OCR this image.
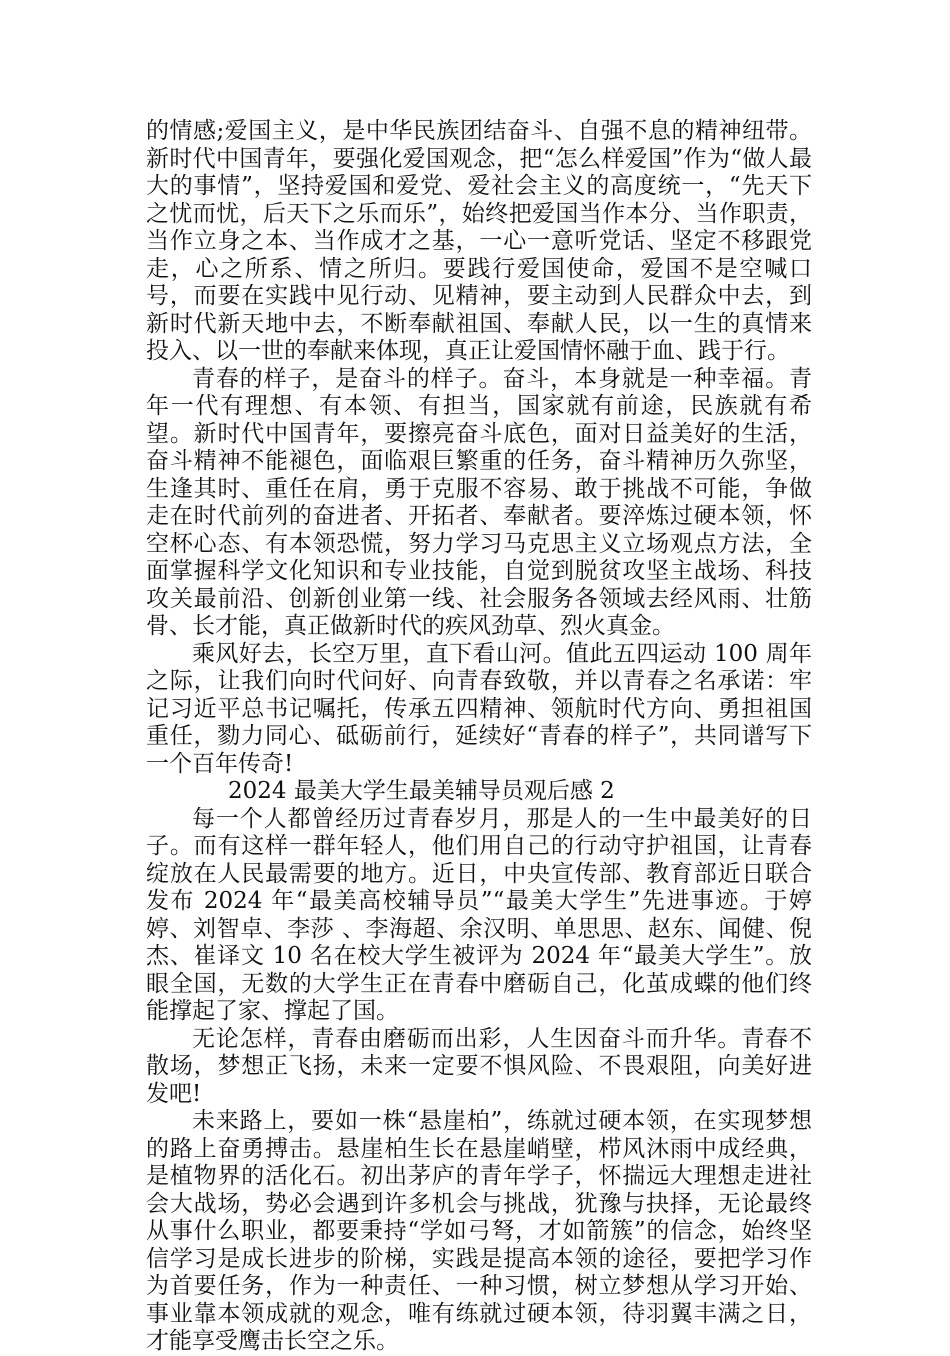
的情感;爱国主义，是中华民族团结奋斗、自强不息的精神纽带。新时代中国青年，要强化爱国观念，把“怎么样爱国”作为“做人最大的事情”，坚持爱国和爱党、爱社会主义的高度统一，“先天下之忧而忧，后天下之乐而乐”，始终把爱国当作本分、当作职责，当作立身之本、当作成才之基，一心一意听党话、坚定不移跟党走，心之所系、情之所归。要践行爱国使命，爱国不是空喊口号，而要在实践中见行动、见精神，要主动到人民群众中去，到新时代新天地中去，不断奉献祖国、奉献人民，以一生的真情来投入、以一世的奉献来体现，真正让爱国情怀融于血、践于行。

青春的样子，是奋斗的样子。奋斗，本身就是一种幸福。青年一代有理想、有本领、有担当，国家就有前途，民族就有希望。新时代中国青年，要擦亮奋斗底色，面对日益美好的生活，奋斗精神不能褪色，面临艰巨繁重的任务，奋斗精神历久弥坚，生逢其时、重任在肩，勇于克服不容易、敢于挑战不可能，争做走在时代前列的奋进者、开拓者、奉献者。要淬炼过硬本领，怀空杯心态、有本领恐慌，努力学习马克思主义立场观点方法，全面掌握科学文化知识和专业技能，自觉到脱贫攻坚主战场、科技攻关最前沿、创新创业第一线、社会服务各领域去经风雨、壮筋骨、长才能，真正做新时代的疾风劲草、烈火真金。

乘风好去，长空万里，直下看山河。值此五四运动 100 周年之际，让我们向时代问好、向青春致敬，并以青春之名承诺：牢记习近平总书记嘱托，传承五四精神、领航时代方向、勇担祖国重任，勠力同心、砥砺前行，延续好“青春的样子”，共同谱写下一个百年传奇!

2024 最美大学生最美辅导员观后感 2

每一个人都曾经历过青春岁月，那是人的一生中最美好的日子。而有这样一群年轻人，他们用自己的行动守护祖国，让青春绽放在人民最需要的地方。近日，中央宣传部、教育部近日联合发布 2024 年“最美高校辅导员”“最美大学生”先进事迹。于婷婷、刘智卓、李莎 、李海超、余汉明、单思思、赵东、闻健、倪杰、崔译文 10 名在校大学生被评为 2024 年“最美大学生”。放眼全国，无数的大学生正在青春中磨砺自己，化茧成蝶的他们终能撑起了家、撑起了国。

无论怎样，青春由磨砺而出彩，人生因奋斗而升华。青春不散场，梦想正飞扬，未来一定要不惧风险、不畏艰阻，向美好进发吧!

未来路上，要如一株“悬崖柏”，练就过硬本领，在实现梦想的路上奋勇搏击。悬崖柏生长在悬崖峭壁，栉风沐雨中成经典，是植物界的活化石。初出茅庐的青年学子，怀揣远大理想走进社会大战场，势必会遇到许多机会与挑战，犹豫与抉择，无论最终从事什么职业，都要秉持“学如弓弩，才如箭簇”的信念，始终坚信学习是成长进步的阶梯，实践是提高本领的途径，要把学习作为首要任务，作为一种责任、一种习惯，树立梦想从学习开始、事业靠本领成就的观念，唯有练就过硬本领，待羽翼丰满之日，才能享受鹰击长空之乐。
